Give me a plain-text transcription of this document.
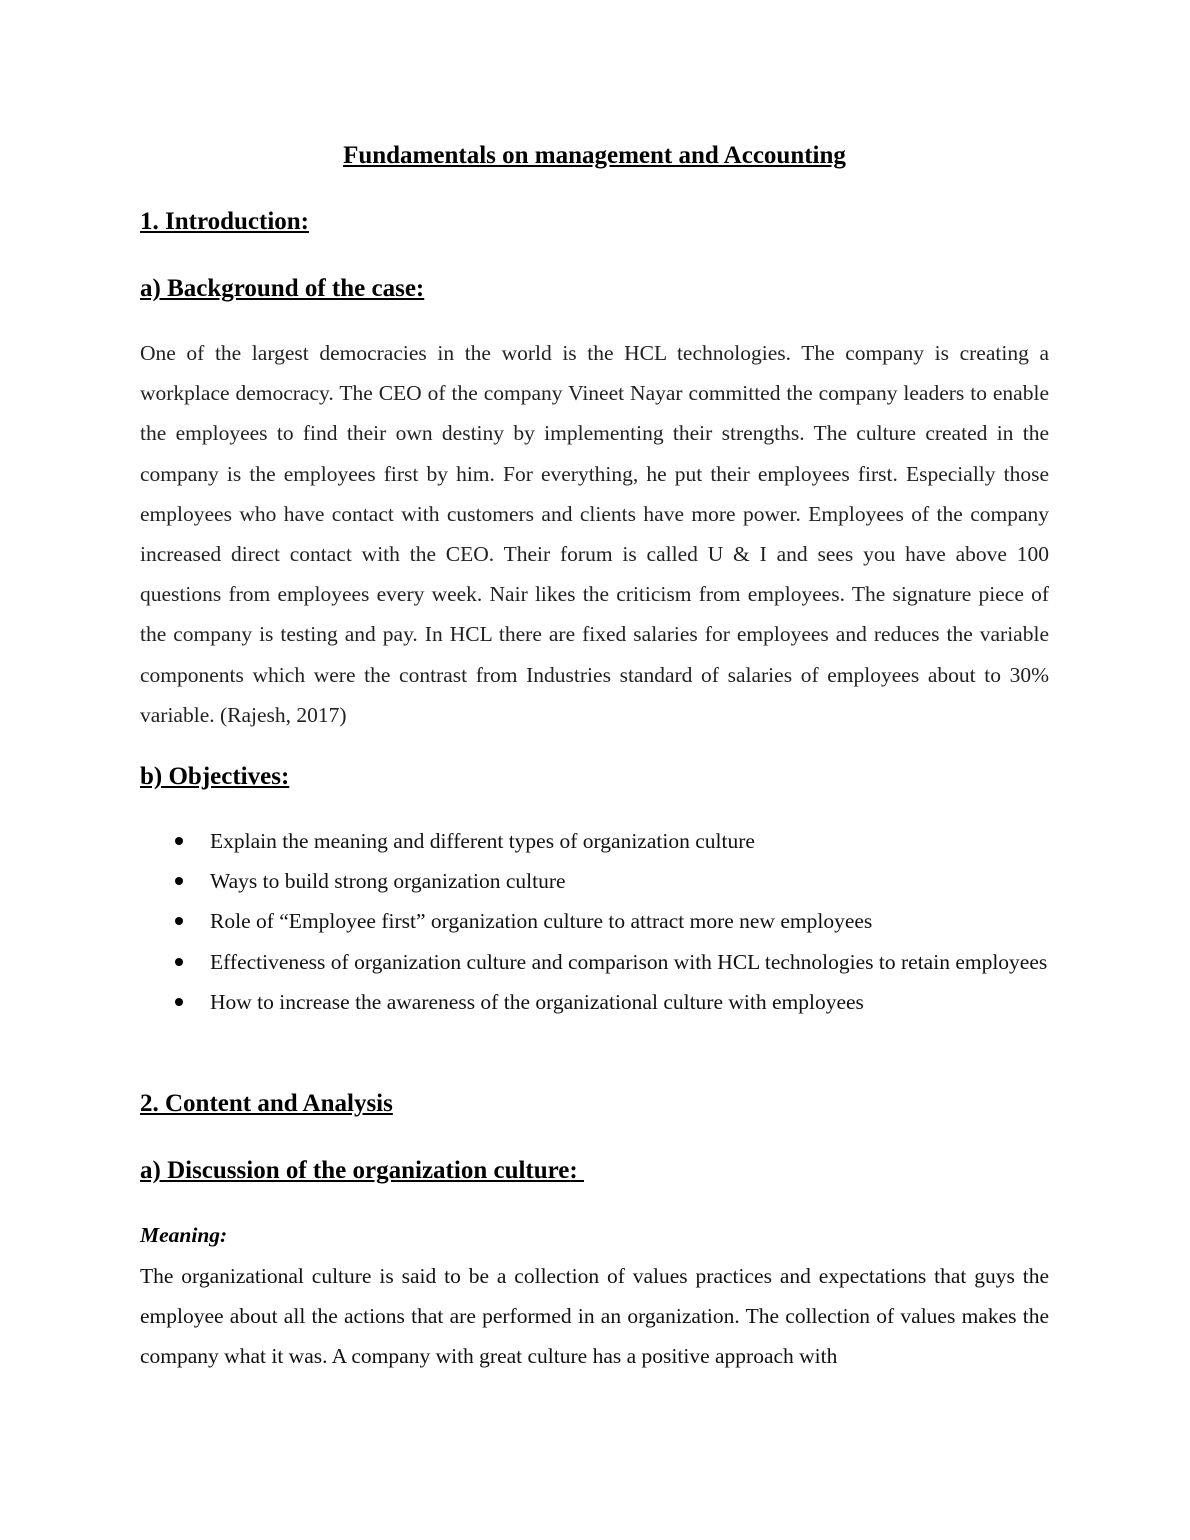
Fundamentals on management and Accounting
1. Introduction:
a) Background of the case:

One of the largest democracies in the world is the HCL technologies. The company is creating a workplace democracy. The CEO of the company Vineet Nayar committed the company leaders to enable the employees to find their own destiny by implementing their strengths. The culture created in the company is the employees first by him. For everything, he put their employees first. Especially those employees who have contact with customers and clients have more power. Employees of the company increased direct contact with the CEO. Their forum is called U & I and sees you have above 100 questions from employees every week. Nair likes the criticism from employees. The signature piece of the company is testing and pay. In HCL there are fixed salaries for employees and reduces the variable components which were the contrast from Industries standard of salaries of employees about to 30% variable. (Rajesh, 2017)

b) Objectives:
Explain the meaning and different types of organization culture
Ways to build strong organization culture
Role of “Employee first” organization culture to attract more new employees
Effectiveness of organization culture and comparison with HCL technologies to retain employees
How to increase the awareness of the organizational culture with employees
2. Content and Analysis
a) Discussion of the organization culture:

Meaning:

The organizational culture is said to be a collection of values practices and expectations that guys the employee about all the actions that are performed in an organization. The collection of values makes the company what it was. A company with great culture has a positive approach with
